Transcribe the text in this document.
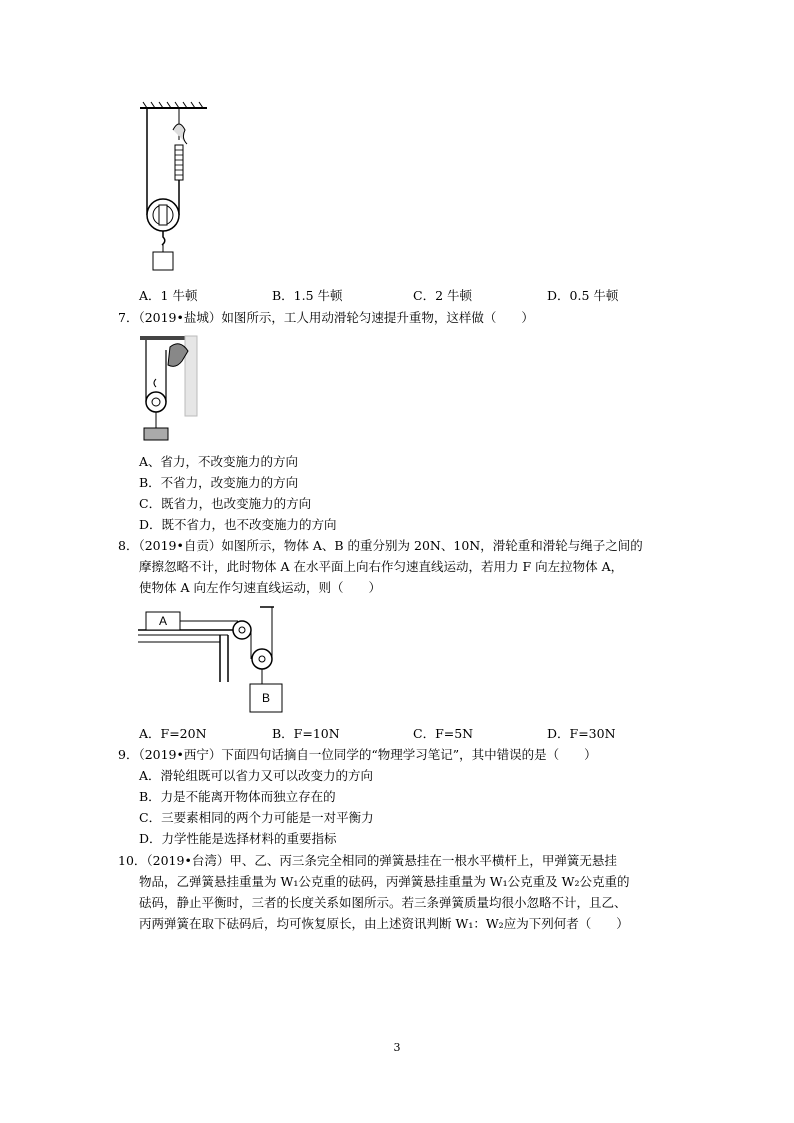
A．1 牛顿	B．1.5 牛顿	C．2 牛顿	D．0.5 牛顿
7．（2019•盐城）如图所示，工人用动滑轮匀速提升重物，这样做（　　）
A、省力，不改变施力的方向
B．不省力，改变施力的方向
C．既省力，也改变施力的方向
D．既不省力，也不改变施力的方向
8．（2019•自贡）如图所示，物体 A、B 的重分别为 20N、10N，滑轮重和滑轮与绳子之间的
摩擦忽略不计，此时物体 A 在水平面上向右作匀速直线运动，若用力 F 向左拉物体 A，
使物体 A 向左作匀速直线运动，则（　　）
A
B
A．F=20N	B．F=10N	C．F=5N	D．F=30N
9．（2019•西宁）下面四句话摘自一位同学的“物理学习笔记”，其中错误的是（　　）
A．滑轮组既可以省力又可以改变力的方向
B．力是不能离开物体而独立存在的
C．三要素相同的两个力可能是一对平衡力
D．力学性能是选择材料的重要指标
10．（2019•台湾）甲、乙、丙三条完全相同的弹簧悬挂在一根水平横杆上，甲弹簧无悬挂
物品，乙弹簧悬挂重量为 W₁公克重的砝码，丙弹簧悬挂重量为 W₁公克重及 W₂公克重的
砝码，静止平衡时，三者的长度关系如图所示。若三条弹簧质量均很小忽略不计，且乙、
丙两弹簧在取下砝码后，均可恢复原长，由上述资讯判断 W₁：W₂应为下列何者（　　）
3
